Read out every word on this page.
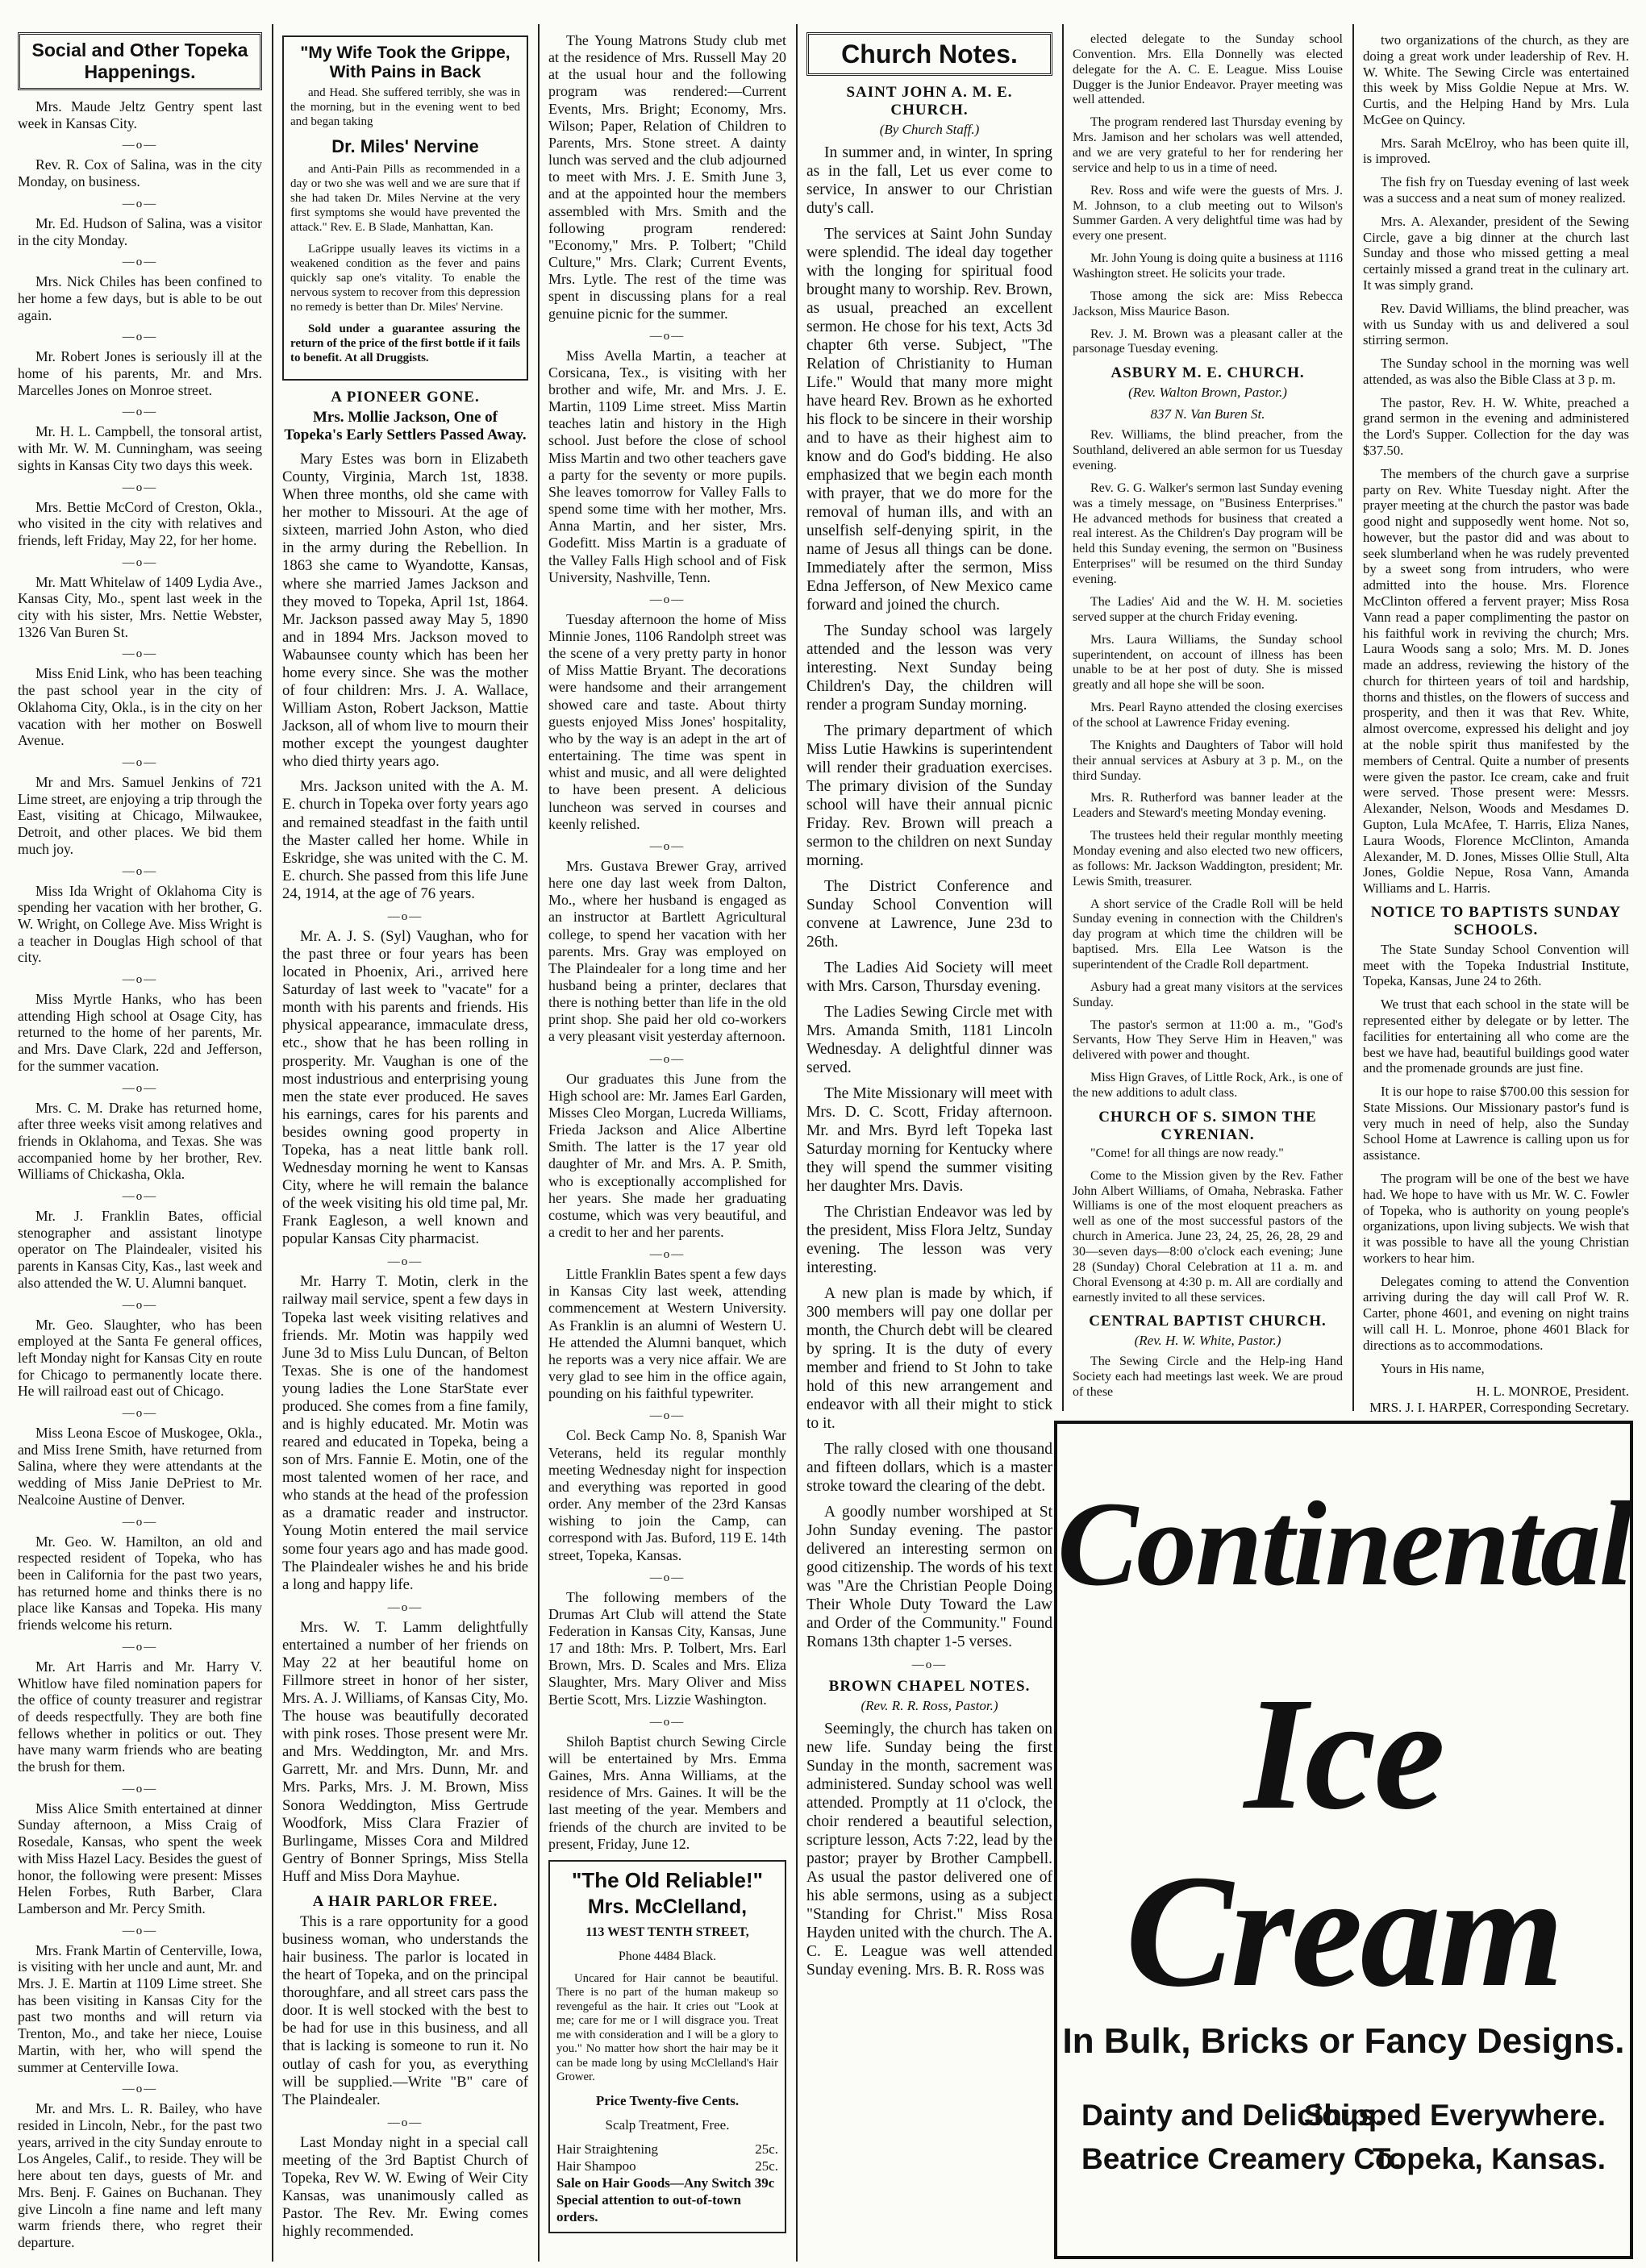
Social and Other Topeka Happenings.

Mrs. Maude Jeltz Gentry spent last week in Kansas City.

—o—

Rev. R. Cox of Salina, was in the city Monday, on business.

—o—

Mr. Ed. Hudson of Salina, was a visitor in the city Monday.

—o—

Mrs. Nick Chiles has been confined to her home a few days, but is able to be out again.

—o—

Mr. Robert Jones is seriously ill at the home of his parents, Mr. and Mrs. Marcelles Jones on Monroe street.

—o—

Mr. H. L. Campbell, the tonsoral artist, with Mr. W. M. Cunningham, was seeing sights in Kansas City two days this week.

—o—

Mrs. Bettie McCord of Creston, Okla., who visited in the city with relatives and friends, left Friday, May 22, for her home.

—o—

Mr. Matt Whitelaw of 1409 Lydia Ave., Kansas City, Mo., spent last week in the city with his sister, Mrs. Nettie Webster, 1326 Van Buren St.

—o—

Miss Enid Link, who has been teaching the past school year in the city of Oklahoma City, Okla., is in the city on her vacation with her mother on Boswell Avenue.

—o—

Mr and Mrs. Samuel Jenkins of 721 Lime street, are enjoying a trip through the East, visiting at Chicago, Milwaukee, Detroit, and other places. We bid them much joy.

—o—

Miss Ida Wright of Oklahoma City is spending her vacation with her brother, G. W. Wright, on College Ave. Miss Wright is a teacher in Douglas High school of that city.

—o—

Miss Myrtle Hanks, who has been attending High school at Osage City, has returned to the home of her parents, Mr. and Mrs. Dave Clark, 22d and Jefferson, for the summer vacation.

—o—

Mrs. C. M. Drake has returned home, after three weeks visit among relatives and friends in Oklahoma, and Texas. She was accompanied home by her brother, Rev. Williams of Chickasha, Okla.

—o—

Mr. J. Franklin Bates, official stenographer and assistant linotype operator on The Plaindealer, visited his parents in Kansas City, Kas., last week and also attended the W. U. Alumni banquet.

—o—

Mr. Geo. Slaughter, who has been employed at the Santa Fe general offices, left Monday night for Kansas City en route for Chicago to permanently locate there. He will railroad east out of Chicago.

—o—

Miss Leona Escoe of Muskogee, Okla., and Miss Irene Smith, have returned from Salina, where they were attendants at the wedding of Miss Janie DePriest to Mr. Nealcoine Austine of Denver.

—o—

Mr. Geo. W. Hamilton, an old and respected resident of Topeka, who has been in California for the past two years, has returned home and thinks there is no place like Kansas and Topeka. His many friends welcome his return.

—o—

Mr. Art Harris and Mr. Harry V. Whitlow have filed nomination papers for the office of county treasurer and registrar of deeds respectfully. They are both fine fellows whether in politics or out. They have many warm friends who are beating the brush for them.

—o—

Miss Alice Smith entertained at dinner Sunday afternoon, a Miss Craig of Rosedale, Kansas, who spent the week with Miss Hazel Lacy. Besides the guest of honor, the following were present: Misses Helen Forbes, Ruth Barber, Clara Lamberson and Mr. Percy Smith.

—o—

Mrs. Frank Martin of Centerville, Iowa, is visiting with her uncle and aunt, Mr. and Mrs. J. E. Martin at 1109 Lime street. She has been visiting in Kansas City for the past two months and will return via Trenton, Mo., and take her niece, Louise Martin, with her, who will spend the summer at Centerville Iowa.

—o—

Mr. and Mrs. L. R. Bailey, who have resided in Lincoln, Nebr., for the past two years, arrived in the city Sunday enroute to Los Angeles, Calif., to reside. They will be here about ten days, guests of Mr. and Mrs. Benj. F. Gaines on Buchanan. They give Lincoln a fine name and left many warm friends there, who regret their departure.

"My Wife Took the Grippe, With Pains in Back

and Head. She suffered terribly, she was in the morning, but in the evening went to bed and began taking

Dr. Miles' Nervine

and Anti-Pain Pills as recommended in a day or two she was well and we are sure that if she had taken Dr. Miles Nervine at the very first symptoms she would have prevented the attack." Rev. E. B Slade, Manhattan, Kan.

LaGrippe usually leaves its victims in a weakened condition as the fever and pains quickly sap one's vitality. To enable the nervous system to recover from this depression no remedy is better than Dr. Miles' Nervine.

Sold under a guarantee assuring the return of the price of the first bottle if it fails to benefit. At all Druggists.

A PIONEER GONE.
Mrs. Mollie Jackson, One of Topeka's Early Settlers Passed Away.

Mary Estes was born in Elizabeth County, Virginia, March 1st, 1838. When three months, old she came with her mother to Missouri. At the age of sixteen, married John Aston, who died in the army during the Rebellion. In 1863 she came to Wyandotte, Kansas, where she married James Jackson and they moved to Topeka, April 1st, 1864. Mr. Jackson passed away May 5, 1890 and in 1894 Mrs. Jackson moved to Wabaunsee county which has been her home every since. She was the mother of four children: Mrs. J. A. Wallace, William Aston, Robert Jackson, Mattie Jackson, all of whom live to mourn their mother except the youngest daughter who died thirty years ago.

Mrs. Jackson united with the A. M. E. church in Topeka over forty years ago and remained steadfast in the faith until the Master called her home. While in Eskridge, she was united with the C. M. E. church. She passed from this life June 24, 1914, at the age of 76 years.

—o—

Mr. A. J. S. (Syl) Vaughan, who for the past three or four years has been located in Phoenix, Ari., arrived here Saturday of last week to "vacate" for a month with his parents and friends. His physical appearance, immaculate dress, etc., show that he has been rolling in prosperity. Mr. Vaughan is one of the most industrious and enterprising young men the state ever produced. He saves his earnings, cares for his parents and besides owning good property in Topeka, has a neat little bank roll. Wednesday morning he went to Kansas City, where he will remain the balance of the week visiting his old time pal, Mr. Frank Eagleson, a well known and popular Kansas City pharmacist.

—o—

Mr. Harry T. Motin, clerk in the railway mail service, spent a few days in Topeka last week visiting relatives and friends. Mr. Motin was happily wed June 3d to Miss Lulu Duncan, of Belton Texas. She is one of the handomest young ladies the Lone StarState ever produced. She comes from a fine family, and is highly educated. Mr. Motin was reared and educated in Topeka, being a son of Mrs. Fannie E. Motin, one of the most talented women of her race, and who stands at the head of the profession as a dramatic reader and instructor. Young Motin entered the mail service some four years ago and has made good. The Plaindealer wishes he and his bride a long and happy life.

—o—

Mrs. W. T. Lamm delightfully entertained a number of her friends on May 22 at her beautiful home on Fillmore street in honor of her sister, Mrs. A. J. Williams, of Kansas City, Mo. The house was beautifully decorated with pink roses. Those present were Mr. and Mrs. Weddington, Mr. and Mrs. Garrett, Mr. and Mrs. Dunn, Mr. and Mrs. Parks, Mrs. J. M. Brown, Miss Sonora Weddington, Miss Gertrude Woodfork, Miss Clara Frazier of Burlingame, Misses Cora and Mildred Gentry of Bonner Springs, Miss Stella Huff and Miss Dora Mayhue.

A HAIR PARLOR FREE.

This is a rare opportunity for a good business woman, who understands the hair business. The parlor is located in the heart of Topeka, and on the principal thoroughfare, and all street cars pass the door. It is well stocked with the best to be had for use in this business, and all that is lacking is someone to run it. No outlay of cash for you, as everything will be supplied.—Write "B" care of The Plaindealer.

—o—

Last Monday night in a special call meeting of the 3rd Baptist Church of Topeka, Rev W. W. Ewing of Weir City Kansas, was unanimously called as Pastor. The Rev. Mr. Ewing comes highly recommended.

The Young Matrons Study club met at the residence of Mrs. Russell May 20 at the usual hour and the following program was rendered:—Current Events, Mrs. Bright; Economy, Mrs. Wilson; Paper, Relation of Children to Parents, Mrs. Stone street. A dainty lunch was served and the club adjourned to meet with Mrs. J. E. Smith June 3, and at the appointed hour the members assembled with Mrs. Smith and the following program rendered: "Economy," Mrs. P. Tolbert; "Child Culture," Mrs. Clark; Current Events, Mrs. Lytle. The rest of the time was spent in discussing plans for a real genuine picnic for the summer.

—o—

Miss Avella Martin, a teacher at Corsicana, Tex., is visiting with her brother and wife, Mr. and Mrs. J. E. Martin, 1109 Lime street. Miss Martin teaches latin and history in the High school. Just before the close of school Miss Martin and two other teachers gave a party for the seventy or more pupils. She leaves tomorrow for Valley Falls to spend some time with her mother, Mrs. Anna Martin, and her sister, Mrs. Godefitt. Miss Martin is a graduate of the Valley Falls High school and of Fisk University, Nashville, Tenn.

—o—

Tuesday afternoon the home of Miss Minnie Jones, 1106 Randolph street was the scene of a very pretty party in honor of Miss Mattie Bryant. The decorations were handsome and their arrangement showed care and taste. About thirty guests enjoyed Miss Jones' hospitality, who by the way is an adept in the art of entertaining. The time was spent in whist and music, and all were delighted to have been present. A delicious luncheon was served in courses and keenly relished.

—o—

Mrs. Gustava Brewer Gray, arrived here one day last week from Dalton, Mo., where her husband is engaged as an instructor at Bartlett Agricultural college, to spend her vacation with her parents. Mrs. Gray was employed on The Plaindealer for a long time and her husband being a printer, declares that there is nothing better than life in the old print shop. She paid her old co-workers a very pleasant visit yesterday afternoon.

—o—

Our graduates this June from the High school are: Mr. James Earl Garden, Misses Cleo Morgan, Lucreda Williams, Frieda Jackson and Alice Albertine Smith. The latter is the 17 year old daughter of Mr. and Mrs. A. P. Smith, who is exceptionally accomplished for her years. She made her graduating costume, which was very beautiful, and a credit to her and her parents.

—o—

Little Franklin Bates spent a few days in Kansas City last week, attending commencement at Western University. As Franklin is an alumni of Western U. He attended the Alumni banquet, which he reports was a very nice affair. We are very glad to see him in the office again, pounding on his faithful typewriter.

—o—

Col. Beck Camp No. 8, Spanish War Veterans, held its regular monthly meeting Wednesday night for inspection and everything was reported in good order. Any member of the 23rd Kansas wishing to join the Camp, can correspond with Jas. Buford, 119 E. 14th street, Topeka, Kansas.

—o—

The following members of the Drumas Art Club will attend the State Federation in Kansas City, Kansas, June 17 and 18th: Mrs. P. Tolbert, Mrs. Earl Brown, Mrs. D. Scales and Mrs. Eliza Slaughter, Mrs. Mary Oliver and Miss Bertie Scott, Mrs. Lizzie Washington.

—o—

Shiloh Baptist church Sewing Circle will be entertained by Mrs. Emma Gaines, Mrs. Anna Williams, at the residence of Mrs. Gaines. It will be the last meeting of the year. Members and friends of the church are invited to be present, Friday, June 12.

"The Old Reliable!"
Mrs. McClelland,
113 WEST TENTH STREET,
Phone 4484 Black.

Uncared for Hair cannot be beautiful. There is no part of the human makeup so revengeful as the hair. It cries out "Look at me; care for me or I will disgrace you. Treat me with consideration and I will be a glory to you." No matter how short the hair may be it can be made long by using McClelland's Hair Grower.

Price Twenty-five Cents.
Scalp Treatment, Free.
Hair Straightening	25c.
Hair Shampoo	25c.
Sale on Hair Goods—Any Switch 39c
Special attention to out-of-town orders.
Church Notes.
SAINT JOHN A. M. E. CHURCH.
(By Church Staff.)

In summer and, in winter, In spring as in the fall, Let us ever come to service, In answer to our Christian duty's call.

The services at Saint John Sunday were splendid. The ideal day together with the longing for spiritual food brought many to worship. Rev. Brown, as usual, preached an excellent sermon. He chose for his text, Acts 3d chapter 6th verse. Subject, "The Relation of Christianity to Human Life." Would that many more might have heard Rev. Brown as he exhorted his flock to be sincere in their worship and to have as their highest aim to know and do God's bidding. He also emphasized that we begin each month with prayer, that we do more for the removal of human ills, and with an unselfish self-denying spirit, in the name of Jesus all things can be done. Immediately after the sermon, Miss Edna Jefferson, of New Mexico came forward and joined the church.

The Sunday school was largely attended and the lesson was very interesting. Next Sunday being Children's Day, the children will render a program Sunday morning.

The primary department of which Miss Lutie Hawkins is superintendent will render their graduation exercises. The primary division of the Sunday school will have their annual picnic Friday. Rev. Brown will preach a sermon to the children on next Sunday morning.

The District Conference and Sunday School Convention will convene at Lawrence, June 23d to 26th.

The Ladies Aid Society will meet with Mrs. Carson, Thursday evening.

The Ladies Sewing Circle met with Mrs. Amanda Smith, 1181 Lincoln Wednesday. A delightful dinner was served.

The Mite Missionary will meet with Mrs. D. C. Scott, Friday afternoon. Mr. and Mrs. Byrd left Topeka last Saturday morning for Kentucky where they will spend the summer visiting her daughter Mrs. Davis.

The Christian Endeavor was led by the president, Miss Flora Jeltz, Sunday evening. The lesson was very interesting.

A new plan is made by which, if 300 members will pay one dollar per month, the Church debt will be cleared by spring. It is the duty of every member and friend to St John to take hold of this new arrangement and endeavor with all their might to stick to it.

The rally closed with one thousand and fifteen dollars, which is a master stroke toward the clearing of the debt.

A goodly number worshiped at St John Sunday evening. The pastor delivered an interesting sermon on good citizenship. The words of his text was "Are the Christian People Doing Their Whole Duty Toward the Law and Order of the Community." Found Romans 13th chapter 1-5 verses.

—o—
BROWN CHAPEL NOTES.
(Rev. R. R. Ross, Pastor.)

Seemingly, the church has taken on new life. Sunday being the first Sunday in the month, sacrement was administered. Sunday school was well attended. Promptly at 11 o'clock, the choir rendered a beautiful selection, scripture lesson, Acts 7:22, lead by the pastor; prayer by Brother Campbell. As usual the pastor delivered one of his able sermons, using as a subject "Standing for Christ." Miss Rosa Hayden united with the church. The A. C. E. League was well attended Sunday evening. Mrs. B. R. Ross was

elected delegate to the Sunday school Convention. Mrs. Ella Donnelly was elected delegate for the A. C. E. League. Miss Louise Dugger is the Junior Endeavor. Prayer meeting was well attended.

The program rendered last Thursday evening by Mrs. Jamison and her scholars was well attended, and we are very grateful to her for rendering her service and help to us in a time of need.

Rev. Ross and wife were the guests of Mrs. J. M. Johnson, to a club meeting out to Wilson's Summer Garden. A very delightful time was had by every one present.

Mr. John Young is doing quite a business at 1116 Washington street. He solicits your trade.

Those among the sick are: Miss Rebecca Jackson, Miss Maurice Bason.

Rev. J. M. Brown was a pleasant caller at the parsonage Tuesday evening.

ASBURY M. E. CHURCH.
(Rev. Walton Brown, Pastor.)
837 N. Van Buren St.

Rev. Williams, the blind preacher, from the Southland, delivered an able sermon for us Tuesday evening.

Rev. G. G. Walker's sermon last Sunday evening was a timely message, on "Business Enterprises." He advanced methods for business that created a real interest. As the Children's Day program will be held this Sunday evening, the sermon on "Business Enterprises" will be resumed on the third Sunday evening.

The Ladies' Aid and the W. H. M. societies served supper at the church Friday evening.

Mrs. Laura Williams, the Sunday school superintendent, on account of illness has been unable to be at her post of duty. She is missed greatly and all hope she will be soon.

Mrs. Pearl Rayno attended the closing exercises of the school at Lawrence Friday evening.

The Knights and Daughters of Tabor will hold their annual services at Asbury at 3 p. M., on the third Sunday.

Mrs. R. Rutherford was banner leader at the Leaders and Steward's meeting Monday evening.

The trustees held their regular monthly meeting Monday evening and also elected two new officers, as follows: Mr. Jackson Waddington, president; Mr. Lewis Smith, treasurer.

A short service of the Cradle Roll will be held Sunday evening in connection with the Children's day program at which time the children will be baptised. Mrs. Ella Lee Watson is the superintendent of the Cradle Roll department.

Asbury had a great many visitors at the services Sunday.

The pastor's sermon at 11:00 a. m., "God's Servants, How They Serve Him in Heaven," was delivered with power and thought.

Miss Hign Graves, of Little Rock, Ark., is one of the new additions to adult class.

CHURCH OF S. SIMON THE CYRENIAN.

"Come! for all things are now ready."

Come to the Mission given by the Rev. Father John Albert Williams, of Omaha, Nebraska. Father Williams is one of the most eloquent preachers as well as one of the most successful pastors of the church in America. June 23, 24, 25, 26, 28, 29 and 30—seven days—8:00 o'clock each evening; June 28 (Sunday) Choral Celebration at 11 a. m. and Choral Evensong at 4:30 p. m. All are cordially and earnestly invited to all these services.

CENTRAL BAPTIST CHURCH.
(Rev. H. W. White, Pastor.)

The Sewing Circle and the Help-ing Hand Society each had meetings last week. We are proud of these

two organizations of the church, as they are doing a great work under leadership of Rev. H. W. White. The Sewing Circle was entertained this week by Miss Goldie Nepue at Mrs. W. Curtis, and the Helping Hand by Mrs. Lula McGee on Quincy.

Mrs. Sarah McElroy, who has been quite ill, is improved.

The fish fry on Tuesday evening of last week was a success and a neat sum of money realized.

Mrs. A. Alexander, president of the Sewing Circle, gave a big dinner at the church last Sunday and those who missed getting a meal certainly missed a grand treat in the culinary art. It was simply grand.

Rev. David Williams, the blind preacher, was with us Sunday with us and delivered a soul stirring sermon.

The Sunday school in the morning was well attended, as was also the Bible Class at 3 p. m.

The pastor, Rev. H. W. White, preached a grand sermon in the evening and administered the Lord's Supper. Collection for the day was $37.50.

The members of the church gave a surprise party on Rev. White Tuesday night. After the prayer meeting at the church the pastor was bade good night and supposedly went home. Not so, however, but the pastor did and was about to seek slumberland when he was rudely prevented by a sweet song from intruders, who were admitted into the house. Mrs. Florence McClinton offered a fervent prayer; Miss Rosa Vann read a paper complimenting the pastor on his faithful work in reviving the church; Mrs. Laura Woods sang a solo; Mrs. M. D. Jones made an address, reviewing the history of the church for thirteen years of toil and hardship, thorns and thistles, on the flowers of success and prosperity, and then it was that Rev. White, almost overcome, expressed his delight and joy at the noble spirit thus manifested by the members of Central. Quite a number of presents were given the pastor. Ice cream, cake and fruit were served. Those present were: Messrs. Alexander, Nelson, Woods and Mesdames D. Gupton, Lula McAfee, T. Harris, Eliza Nanes, Laura Woods, Florence McClinton, Amanda Alexander, M. D. Jones, Misses Ollie Stull, Alta Jones, Goldie Nepue, Rosa Vann, Amanda Williams and L. Harris.

NOTICE TO BAPTISTS SUNDAY SCHOOLS.

The State Sunday School Convention will meet with the Topeka Industrial Institute, Topeka, Kansas, June 24 to 26th.

We trust that each school in the state will be represented either by delegate or by letter. The facilities for entertaining all who come are the best we have had, beautiful buildings good water and the promenade grounds are just fine.

It is our hope to raise $700.00 this session for State Missions. Our Missionary pastor's fund is very much in need of help, also the Sunday School Home at Lawrence is calling upon us for assistance.

The program will be one of the best we have had. We hope to have with us Mr. W. C. Fowler of Topeka, who is authority on young people's organizations, upon living subjects. We wish that it was possible to have all the young Christian workers to hear him.

Delegates coming to attend the Convention arriving during the day will call Prof W. R. Carter, phone 4601, and evening on night trains will call H. L. Monroe, phone 4601 Black for directions as to accommodations.

Yours in His name,

H. L. MONROE, President.
MRS. J. I. HARPER, Corresponding Secretary.
Continental
Ice Cream
In Bulk, Bricks or Fancy Designs.
Dainty and Delicious.
Shipped Everywhere.
Beatrice Creamery Co.
Topeka, Kansas.
